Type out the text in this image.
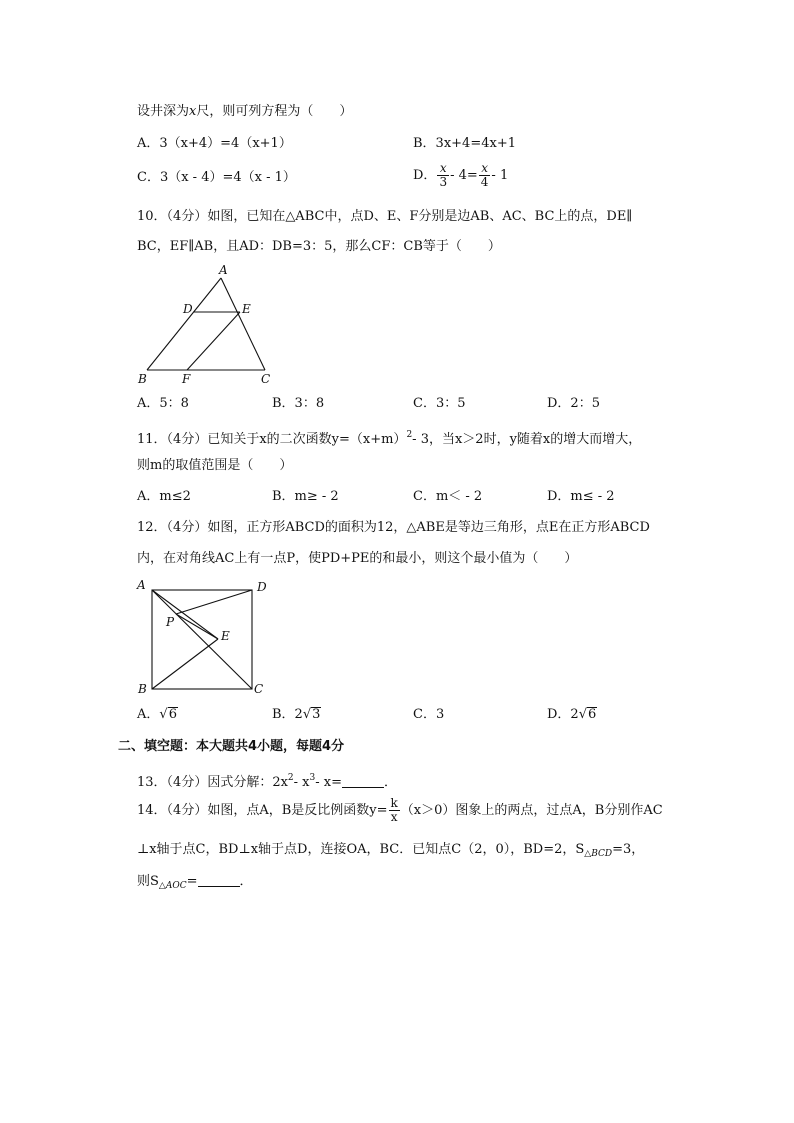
设井深为x尺，则可列方程为（　　）
A．3（x+4）=4（x+1）	B．3x+4=4x+1
C．3（x - 4）=4（x - 1）	D． $\frac{x}{3} - 4= \frac{x}{4} - 1$
10．（4分）如图，已知在△ABC中，点D、E、F分别是边AB、AC、BC上的点，DE∥
BC，EF∥AB，且AD：DB=3：5，那么CF：CB等于（　　）
A
D	E
B	F	C
A．5：8	B．3：8	C．3：5	D．2：5
11．（4分）已知关于x的二次函数$y=(x+m)^2-$ 3，当x＞2时，y随着x的增大而增大，
则m的取值范围是（　　）
A．m≤2	B．m≥ - 2	C．m＜ - 2	D．m≤ - 2
12．（4分）如图，正方形ABCD的面积为12，△ABE是等边三角形，点E在正方形ABCD
内，在对角线AC上有一点P，使PD+PE的和最小，则这个最小值为（　　）
A	D
P
E
B	C
A．√6	B．2√3	C．3	D．2√6
二、填空题：本大题共4小题，每题4分
13．（4分）因式分解：$2x^2-$ $x^3-$ x=	．
14．（4分）如图，点A，B是反比例函数$y= \frac{k}{x} (x>0)$图象上的两点，过点A，B分别作AC
⊥x轴于点C，BD⊥x轴于点D，连接OA，BC．已知点C（2，0），BD=2，$S_{\triangle BCD}=3$，
则$S_{\triangle AOC}=$	．
